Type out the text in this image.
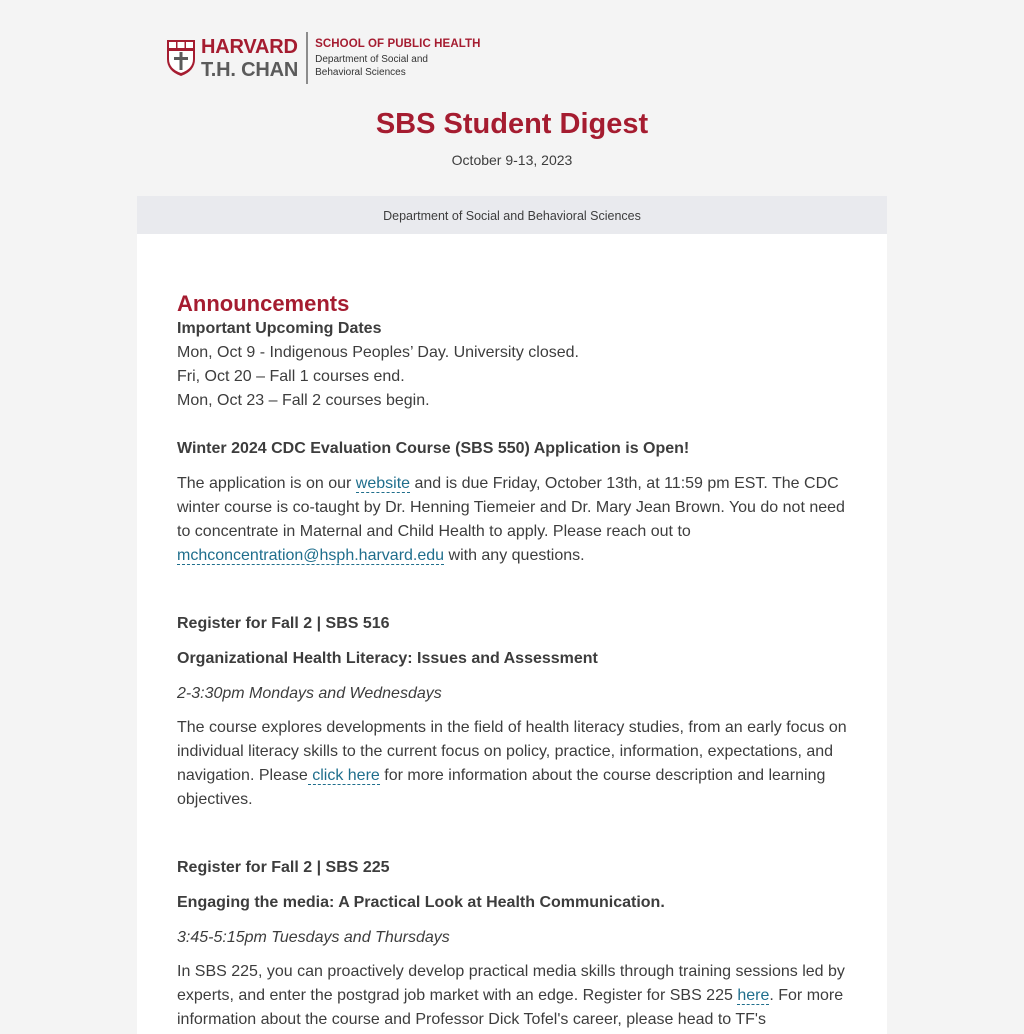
HARVARD
T.H. CHAN
SCHOOL OF PUBLIC HEALTH
Department of Social and
Behavioral Sciences
SBS Student Digest
October 9-13, 2023
Department of Social and Behavioral Sciences

Announcements

Important Upcoming Dates

Mon, Oct 9 - Indigenous Peoples’ Day. University closed.

Fri, Oct 20 – Fall 1 courses end.

Mon, Oct 23 – Fall 2 courses begin.

Winter 2024 CDC Evaluation Course (SBS 550) Application is Open!

The application is on our website and is due Friday, October 13th, at 11:59 pm EST. The CDC winter course is co-taught by Dr. Henning Tiemeier and Dr. Mary Jean Brown. You do not need to concentrate in Maternal and Child Health to apply. Please reach out to mchconcentration@hsph.harvard.edu with any questions.

Register for Fall 2 | SBS 516

Organizational Health Literacy: Issues and Assessment

2-3:30pm Mondays and Wednesdays

The course explores developments in the field of health literacy studies, from an early focus on individual literacy skills to the current focus on policy, practice, information, expectations, and navigation. Please click here for more information about the course description and learning objectives.

Register for Fall 2 | SBS 225

Engaging the media: A Practical Look at Health Communication.

3:45-5:15pm Tuesdays and Thursdays

In SBS 225, you can proactively develop practical media skills through training sessions led by experts, and enter the postgrad job market with an edge. Register for SBS 225 here. For more information about the course and Professor Dick Tofel's career, please head to TF's
